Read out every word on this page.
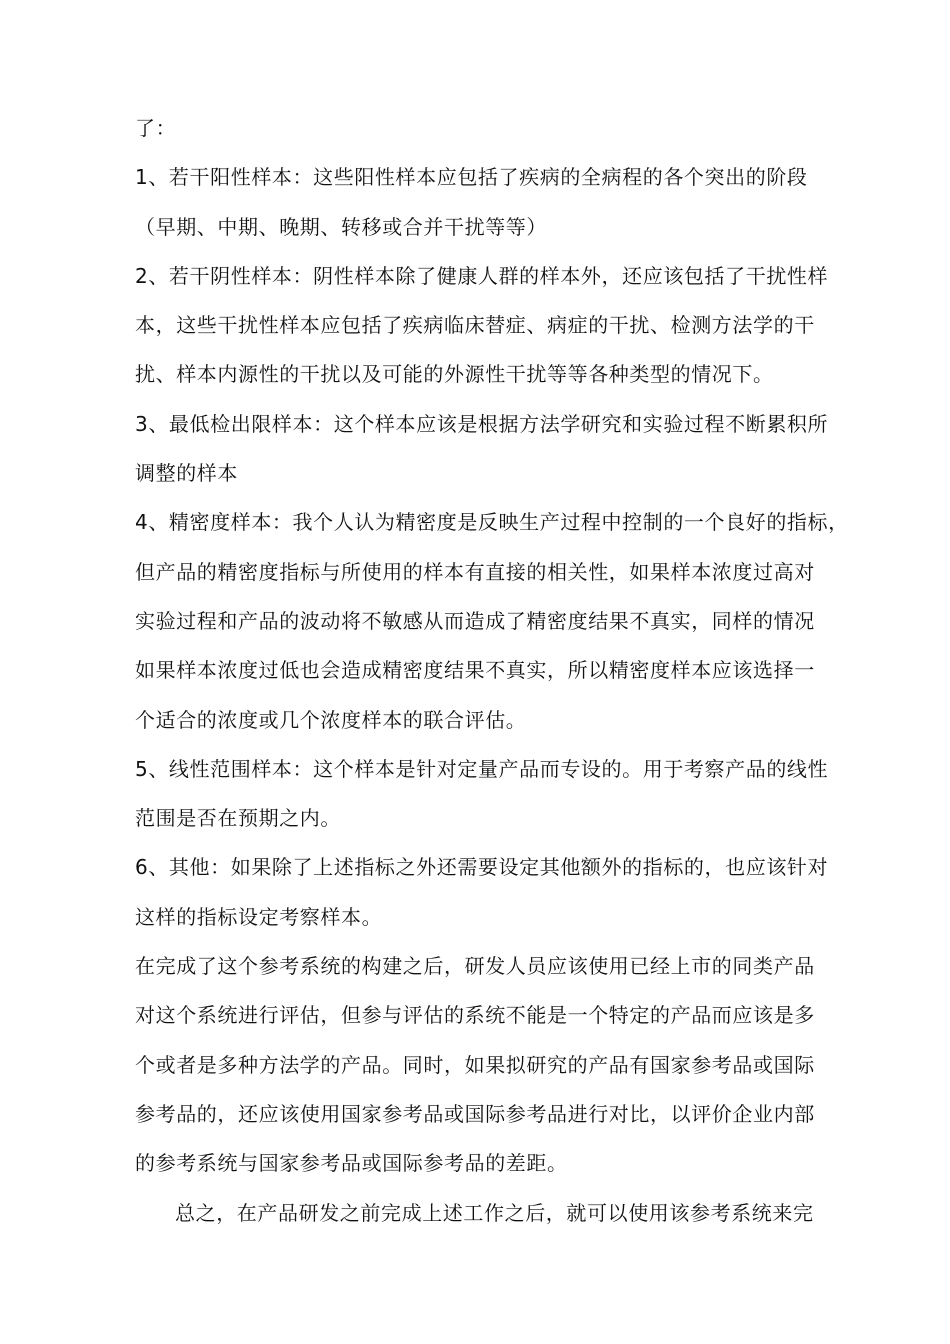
了：
1、若干阳性样本：这些阳性样本应包括了疾病的全病程的各个突出的阶段
（早期、中期、晚期、转移或合并干扰等等）
2、若干阴性样本：阴性样本除了健康人群的样本外，还应该包括了干扰性样
本，这些干扰性样本应包括了疾病临床替症、病症的干扰、检测方法学的干
扰、样本内源性的干扰以及可能的外源性干扰等等各种类型的情况下。
3、最低检出限样本：这个样本应该是根据方法学研究和实验过程不断累积所
调整的样本
4、精密度样本：我个人认为精密度是反映生产过程中控制的一个良好的指标，
但产品的精密度指标与所使用的样本有直接的相关性，如果样本浓度过高对
实验过程和产品的波动将不敏感从而造成了精密度结果不真实，同样的情况
如果样本浓度过低也会造成精密度结果不真实，所以精密度样本应该选择一
个适合的浓度或几个浓度样本的联合评估。
5、线性范围样本：这个样本是针对定量产品而专设的。用于考察产品的线性
范围是否在预期之内。
6、其他：如果除了上述指标之外还需要设定其他额外的指标的，也应该针对
这样的指标设定考察样本。
在完成了这个参考系统的构建之后，研发人员应该使用已经上市的同类产品
对这个系统进行评估，但参与评估的系统不能是一个特定的产品而应该是多
个或者是多种方法学的产品。同时，如果拟研究的产品有国家参考品或国际
参考品的，还应该使用国家参考品或国际参考品进行对比，以评价企业内部
的参考系统与国家参考品或国际参考品的差距。
总之，在产品研发之前完成上述工作之后，就可以使用该参考系统来完
